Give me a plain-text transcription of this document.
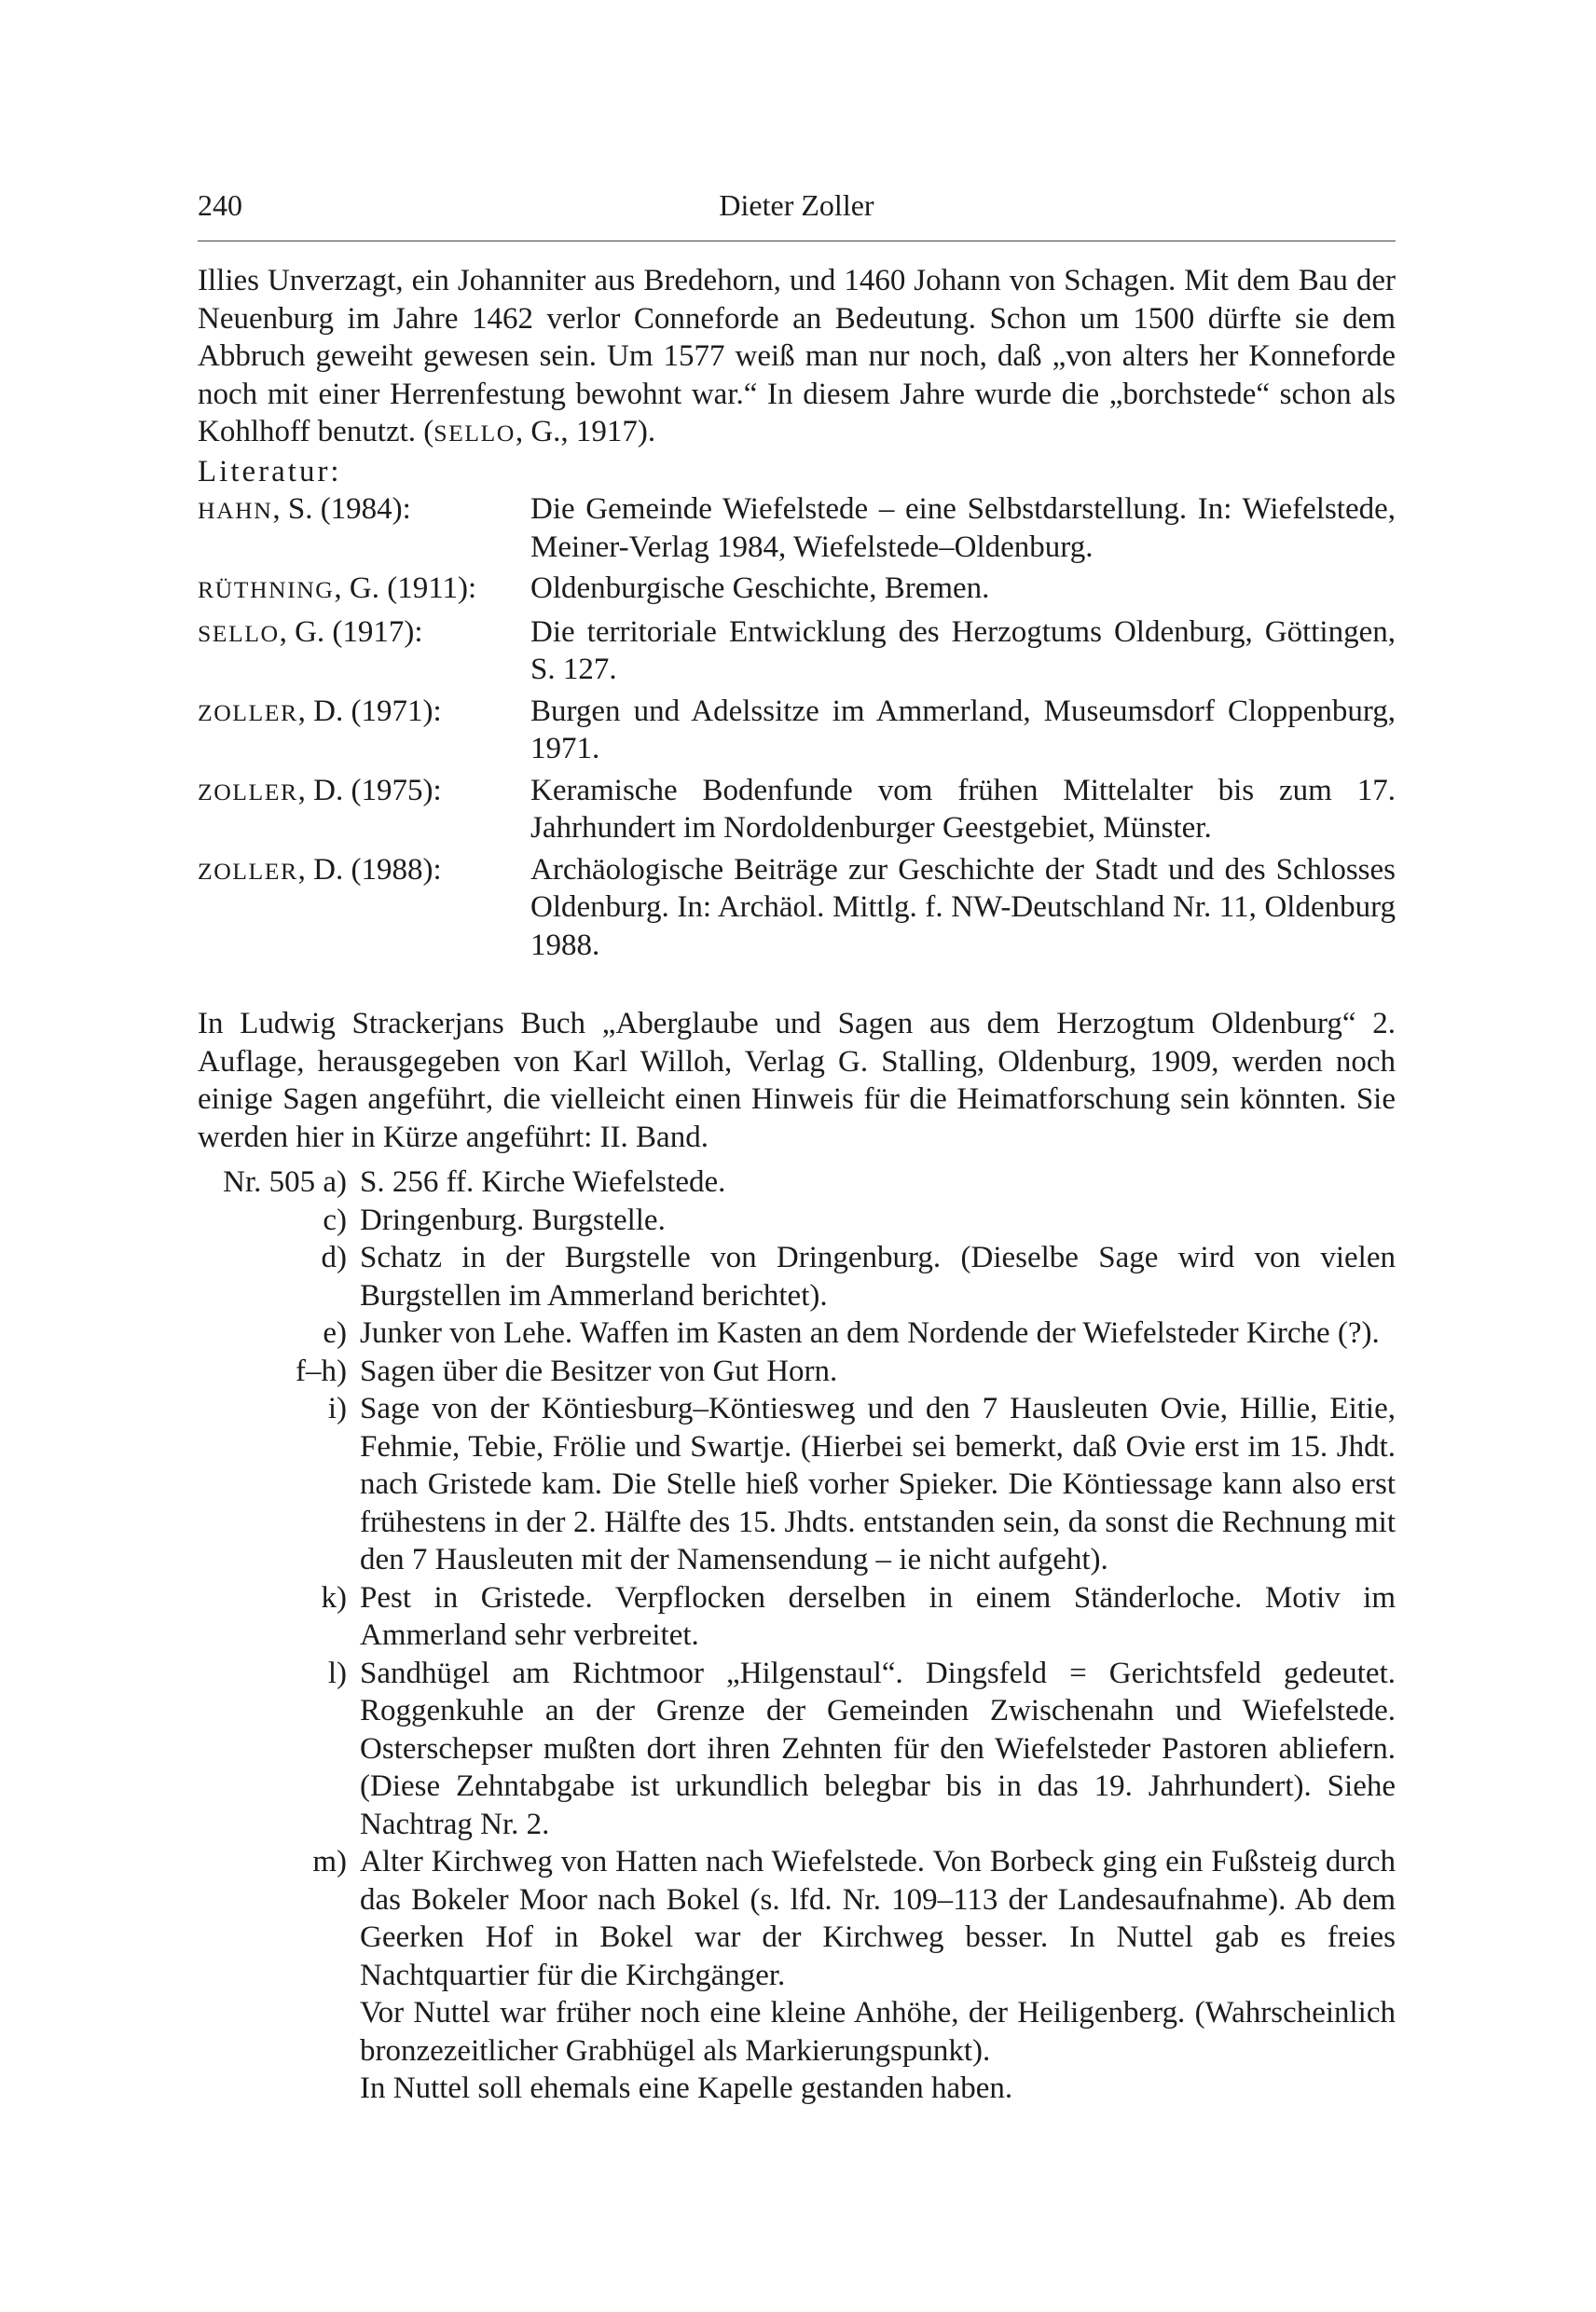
240	Dieter Zoller

Illies Unverzagt, ein Johanniter aus Bredehorn, und 1460 Johann von Schagen. Mit dem Bau der Neuenburg im Jahre 1462 verlor Conneforde an Bedeutung. Schon um 1500 dürfte sie dem Abbruch geweiht gewesen sein. Um 1577 weiß man nur noch, daß „von alters her Konneforde noch mit einer Herrenfestung bewohnt war.“ In diesem Jahre wurde die „borchstede“ schon als Kohlhoff benutzt. (SELLO, G., 1917).

Literatur:

HAHN, S. (1984):	Die Gemeinde Wiefelstede – eine Selbstdarstellung. In: Wiefelstede, Meiner-Verlag 1984, Wiefelstede–Oldenburg.
RÜTHNING, G. (1911):	Oldenburgische Geschichte, Bremen.
SELLO, G. (1917):	Die territoriale Entwicklung des Herzogtums Oldenburg, Göttingen, S. 127.
ZOLLER, D. (1971):	Burgen und Adelssitze im Ammerland, Museumsdorf Cloppenburg, 1971.
ZOLLER, D. (1975):	Keramische Bodenfunde vom frühen Mittelalter bis zum 17. Jahrhundert im Nordoldenburger Geestgebiet, Münster.
ZOLLER, D. (1988):	Archäologische Beiträge zur Geschichte der Stadt und des Schlosses Oldenburg. In: Archäol. Mittlg. f. NW-Deutschland Nr. 11, Oldenburg 1988.

In Ludwig Strackerjans Buch „Aberglaube und Sagen aus dem Herzogtum Oldenburg“ 2. Auflage, herausgegeben von Karl Willoh, Verlag G. Stalling, Oldenburg, 1909, werden noch einige Sagen angeführt, die vielleicht einen Hinweis für die Heimatforschung sein könnten. Sie werden hier in Kürze angeführt: II. Band.

Nr. 505 a) S. 256 ff. Kirche Wiefelstede.
c) Dringenburg. Burgstelle.
d) Schatz in der Burgstelle von Dringenburg. (Dieselbe Sage wird von vielen Burgstellen im Ammerland berichtet).
e) Junker von Lehe. Waffen im Kasten an dem Nordende der Wiefelsteder Kirche (?).
f–h) Sagen über die Besitzer von Gut Horn.
i) Sage von der Köntiesburg–Köntiesweg und den 7 Hausleuten Ovie, Hillie, Eitie, Fehmie, Tebie, Frölie und Swartje. (Hierbei sei bemerkt, daß Ovie erst im 15. Jhdt. nach Gristede kam. Die Stelle hieß vorher Spieker. Die Köntiessage kann also erst frühestens in der 2. Hälfte des 15. Jhdts. entstanden sein, da sonst die Rechnung mit den 7 Hausleuten mit der Namensendung – ie nicht aufgeht).
k) Pest in Gristede. Verpflocken derselben in einem Ständerloche. Motiv im Ammerland sehr verbreitet.
l) Sandhügel am Richtmoor „Hilgenstaul“. Dingsfeld = Gerichtsfeld gedeutet. Roggenkuhle an der Grenze der Gemeinden Zwischenahn und Wiefelstede. Osterschepser mußten dort ihren Zehnten für den Wiefelsteder Pastoren abliefern. (Diese Zehntabgabe ist urkundlich belegbar bis in das 19. Jahrhundert). Siehe Nachtrag Nr. 2.
m) Alter Kirchweg von Hatten nach Wiefelstede. Von Borbeck ging ein Fußsteig durch das Bokeler Moor nach Bokel (s. lfd. Nr. 109–113 der Landesaufnahme). Ab dem Geerken Hof in Bokel war der Kirchweg besser. In Nuttel gab es freies Nachtquartier für die Kirchgänger.

Vor Nuttel war früher noch eine kleine Anhöhe, der Heiligenberg. (Wahrscheinlich bronzezeitlicher Grabhügel als Markierungspunkt).

In Nuttel soll ehemals eine Kapelle gestanden haben.
